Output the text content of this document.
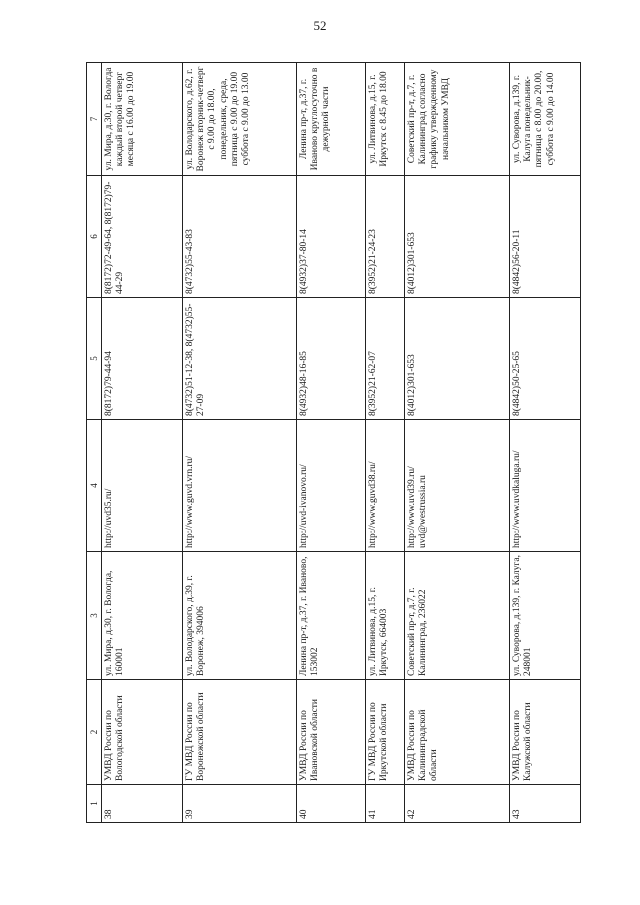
52
1	2	3	4	5	6	7
38	УМВД России по Вологодской области	ул. Мира, д.30, г. Вологда, 160001	http://uvd35.ru/	8(8172)79-44-94	8(8172)72-49-64, 8(8172)79-44-29	ул. Мира, д.30, г. Вологда каждый второй четверг месяца с 16.00 до 19.00
39	ГУ МВД России по Воронежской области	ул. Володарского, д.39, г. Воронеж, 394006	http://www.guvd.vrn.ru/	8(4732)51-12-38, 8(4732)55-27-09	8(4732)55-43-83	ул. Володарского, д.62, г. Воронеж вторник-четверг с 9.00 до 18.00, понедельник, среда, пятница с 9.00 до 19.00 суббота с 9.00 до 13.00
40	УМВД России по Ивановской области	Ленина пр-т, д.37, г. Иваново, 153002	http://uvd-ivanovo.ru/	8(4932)48-16-85	8(4932)37-80-14	Ленина пр-т, д.37, г. Иваново круглосуточно в дежурной части
41	ГУ МВД России по Иркутской области	ул. Литвинова, д.15, г. Иркутск, 664003	http://www.guvd38.ru/	8(3952)21-62-07	8(3952)21-24-23	ул. Литвинова, д.15, г. Иркутск с 8.45 до 18.00
42	УМВД России по Калининградской области	Советский пр-т, д.7, г. Калининград, 236022	http://www.uvd39.ru/ uvd@westrussia.ru	8(4012)301-653	8(4012)301-653	Советский пр-т, д.7, г. Калининград согласно графику утвержденному начальником УМВД
43	УМВД России по Калужской области	ул. Суворова, д.139, г. Калуга, 248001	http://www.uvdkaluga.ru/	8(4842)50-25-65	8(4842)56-20-11	ул. Суворова, д.139, г. Калуга понедельник-пятница с 8.00 до 20.00, суббота с 9.00 до 14.00
